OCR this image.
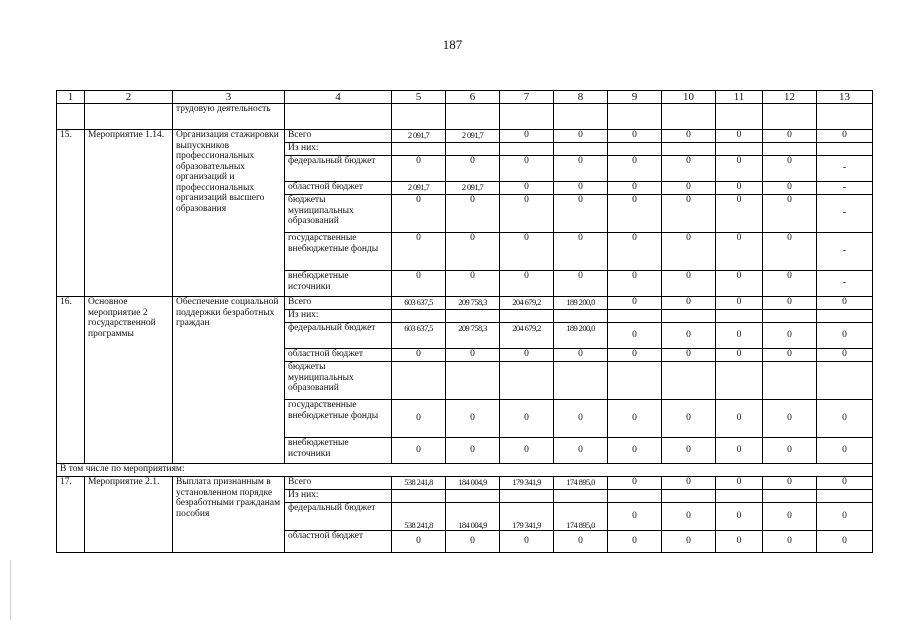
187
1	2	3	4	5	6	7	8	9	10	11	12	13
		трудовую деятельность										
15.	Мероприятие 1.14.	Организация стажировки выпускников профессиональных образовательных организаций и профессиональных организаций высшего образования	Всего	2 091,7	2 091,7	0	0	0	0	0	0	0
			Из них:									
			федеральный бюджет	0	0	0	0	0	0	0	0	-
			областной бюджет	2 091,7	2 091,7	0	0	0	0	0	0	-
			бюджеты муниципальных образований	0	0	0	0	0	0	0	0	-
			государственные внебюджетные фонды	0	0	0	0	0	0	0	0	-
			внебюджетные источники	0	0	0	0	0	0	0	0	-
16.	Основное мероприятие 2 государственной программы	Обеспечение социальной поддержки безработных граждан	Всего	603 637,5	209 758,3	204 679,2	189 200,0	0	0	0	0	0
			Из них:									
			федеральный бюджет	603 637,5	209 758,3	204 679,2	189 200,0	0	0	0	0	0
			областной бюджет	0	0	0	0	0	0	0	0	0
			бюджеты муниципальных образований									
			государственные внебюджетные фонды	0	0	0	0	0	0	0	0	0
			внебюджетные источники	0	0	0	0	0	0	0	0	0
В том числе по мероприятиям:												
17.	Мероприятие 2.1.	Выплата признанным в установленном порядке безработными гражданам пособия	Всего	538 241,8	184 004,9	179 341,9	174 895,0	0	0	0	0	0
			Из них:									
			федеральный бюджет	538 241,8	184 004,9	179 341,9	174 895,0	0	0	0	0	0
			областной бюджет	0	0	0	0	0	0	0	0	0
